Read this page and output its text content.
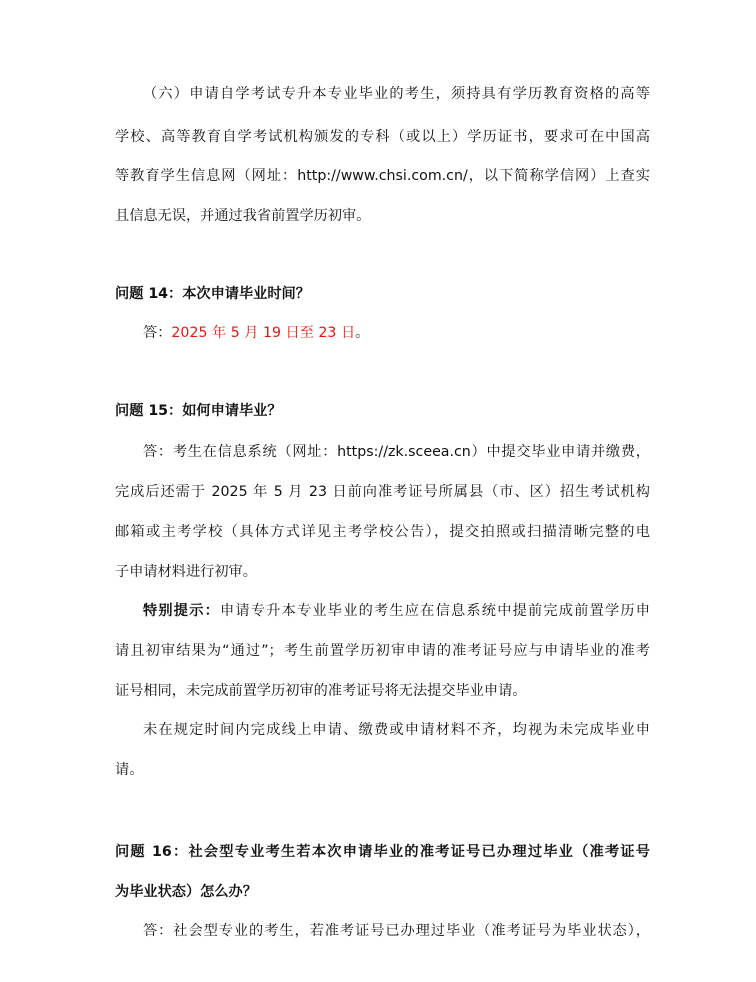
（六）申请自学考试专升本专业毕业的考生，须持具有学历教育资格的高等
学校、高等教育自学考试机构颁发的专科（或以上）学历证书，要求可在中国高
等教育学生信息网（网址：http://www.chsi.com.cn/，以下简称学信网）上查实
且信息无误，并通过我省前置学历初审。
问题 14：本次申请毕业时间？
答：2025 年 5 月 19 日至 23 日。
问题 15：如何申请毕业？
答：考生在信息系统（网址：https://zk.sceea.cn）中提交毕业申请并缴费，
完成后还需于 2025 年 5 月 23 日前向准考证号所属县（市、区）招生考试机构
邮箱或主考学校（具体方式详见主考学校公告），提交拍照或扫描清晰完整的电
子申请材料进行初审。
特别提示：申请专升本专业毕业的考生应在信息系统中提前完成前置学历申
请且初审结果为“通过”；考生前置学历初审申请的准考证号应与申请毕业的准考
证号相同，未完成前置学历初审的准考证号将无法提交毕业申请。
未在规定时间内完成线上申请、缴费或申请材料不齐，均视为未完成毕业申
请。
问题 16：社会型专业考生若本次申请毕业的准考证号已办理过毕业（准考证号
为毕业状态）怎么办？
答：社会型专业的考生，若准考证号已办理过毕业（准考证号为毕业状态），
